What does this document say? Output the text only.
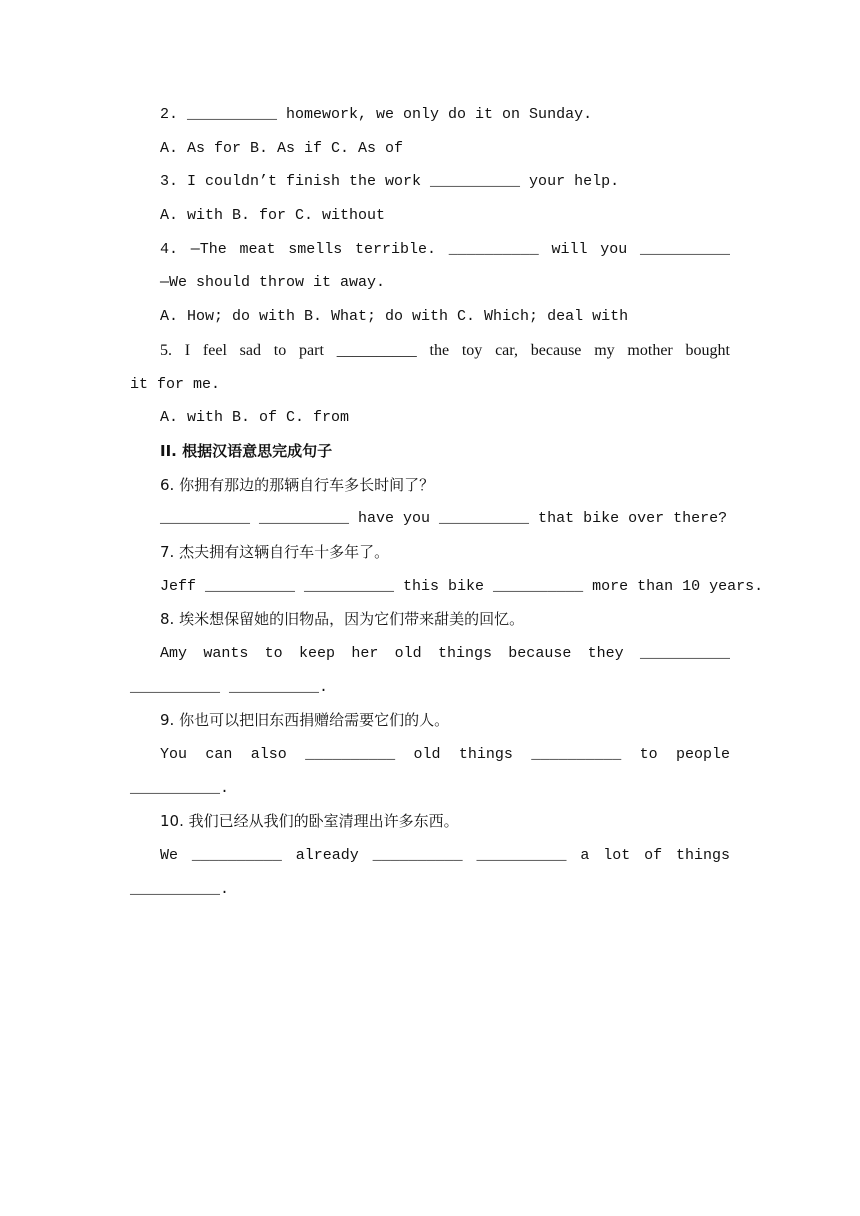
2. __________ homework, we only do it on Sunday.
A. As for B. As if C. As of
3. I couldn’t finish the work __________ your help.
A. with B. for C. without
4. —The meat smells terrible. __________ will you __________
—We should throw it away.
A. How; do with B. What; do with C. Which; deal with
5. I feel sad to part __________ the toy car, because my mother bought
it for me.
A. with B. of C. from
II. 根据汉语意思完成句子
6. 你拥有那边的那辆自行车多长时间了？
__________ __________ have you __________ that bike over there?
7. 杰夫拥有这辆自行车十多年了。
Jeff __________ __________ this bike __________ more than 10 years.
8. 埃米想保留她的旧物品，因为它们带来甜美的回忆。
Amy wants to keep her old things because they __________
__________ __________.
9. 你也可以把旧东西捐赠给需要它们的人。
You can also __________ old things __________ to people
__________.
10. 我们已经从我们的卧室清理出许多东西。
We __________ already __________ __________ a lot of things
__________.
